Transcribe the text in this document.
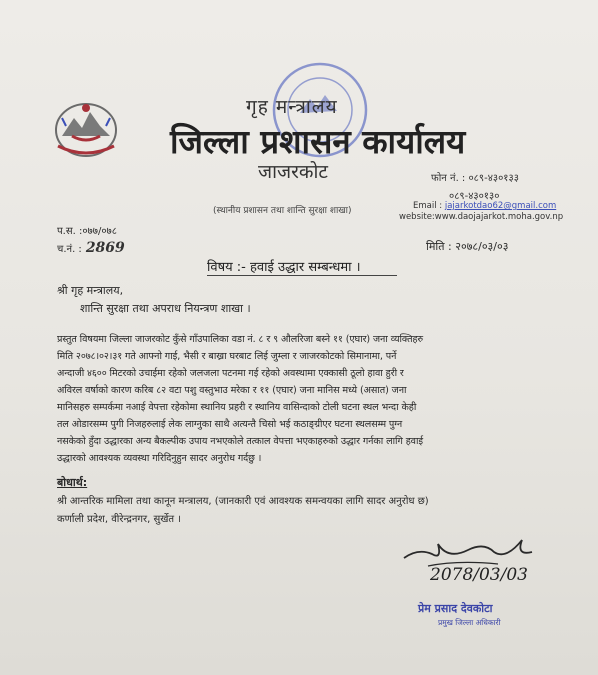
गृह मन्त्रालय
जिल्ला प्रशासन कार्यालय
जाजरकोट
(स्थानीय प्रशासन तथा शान्ति सुरक्षा शाखा)
फोन नं. : ०८९-४३०१३३
०८९-४३०१३०
Email : jajarkotdao62@gmail.com
website:www.daojajarkot.moha.gov.np
प.स. :०७७/०७८
च.नं. : 2869	मिति : २०७८/०३/०३
विषय :- हवाई उद्धार सम्बन्धमा ।
श्री गृह मन्त्रालय,
शान्ति सुरक्षा तथा अपराध नियन्त्रण शाखा ।
प्रस्तुत विषयमा जिल्ला जाजरकोट कुँसे गाँउपालिका वडा नं. ८ र ९ औलरिजा बस्ने ११ (एघार) जना व्यक्तिहरु
मिति २०७८।०२।३१ गते आफ्नो गाई, भैसी र बाख्रा घरबाट लिई जुम्ला र जाजरकोटको सिमानामा, पर्ने
अन्दाजी ४६०० मिटरको उचाईमा रहेको जलजला पटनमा गई रहेको अवस्थामा एक्कासी ठूलो हावा हुरी र
अविरल वर्षाको कारण करिब ८२ वटा पशु वस्तुभाउ मरेका र ११ (एघार) जना मानिस मध्ये (असात) जना
मानिसहरु सम्पर्कमा नआई वेपत्ता रहेकोमा स्थानिय प्रहरी र स्थानिय वासिन्दाको टोली घटना स्थल भन्दा केही
तल ओडारसम्म पुगी निजहरुलाई लेक लाग्नुका साथै अत्यन्तै चिसो भई कठाङ्ग्रीएर घटना स्थलसम्म पुग्न
नसकेको हुँदा उद्धारका अन्य बैकल्पीक उपाय नभएकोले तत्काल वेपत्ता भएकाहरुको उद्धार गर्नका लागि हवाई
उद्धारको आवश्यक व्यवस्था गरिदिनुहुन सादर अनुरोध गर्दछु ।
बोधार्थ:
श्री आन्तरिक मामिला तथा कानून मन्त्रालय, (जानकारी एवं आवश्यक समन्वयका लागि सादर अनुरोध छ)
कर्णाली प्रदेश, वीरेन्द्रनगर, सुर्खेत ।
2078/03/03
प्रेम प्रसाद देवकोटा
प्रमुख जिल्ला अधिकारी
